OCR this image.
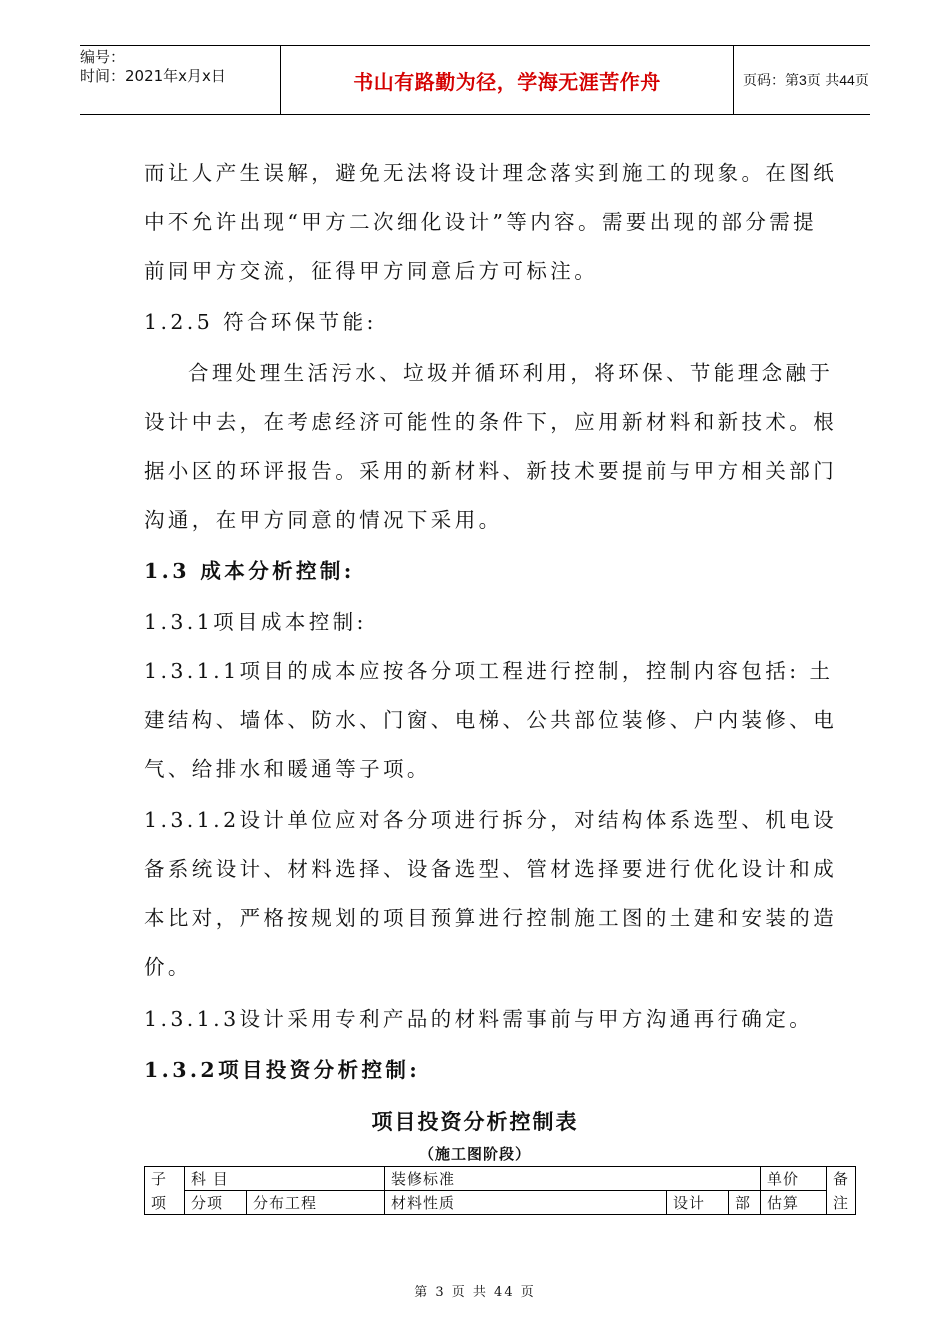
编号：
时间：2021年x月x日	书山有路勤为径，学海无涯苦作舟	页码：第 3 页 共 44 页
而让人产生误解，避免无法将设计理念落实到施工的现象。在图纸
中不允许出现“甲方二次细化设计”等内容。需要出现的部分需提
前同甲方交流，征得甲方同意后方可标注。
1.2.5 符合环保节能:
合理处理生活污水、垃圾并循环利用，将环保、节能理念融于
设计中去，在考虑经济可能性的条件下，应用新材料和新技术。根
据小区的环评报告。采用的新材料、新技术要提前与甲方相关部门
沟通，在甲方同意的情况下采用。
1.3 成本分析控制:
1.3.1项目成本控制:
1.3.1.1项目的成本应按各分项工程进行控制，控制内容包括: 土
建结构、墙体、防水、门窗、电梯、公共部位装修、户内装修、电
气、给排水和暖通等子项。
1.3.1.2设计单位应对各分项进行拆分，对结构体系选型、机电设
备系统设计、材料选择、设备选型、管材选择要进行优化设计和成
本比对，严格按规划的项目预算进行控制施工图的土建和安装的造
价。
1.3.1.3设计采用专利产品的材料需事前与甲方沟通再行确定。
1.3.2项目投资分析控制:
项目投资分析控制表
（施工图阶段）
子	科 目		装修标准			单价	备
项	分项	分布工程	材料性质	设计	部	估算	注
第 3 页 共 44 页
